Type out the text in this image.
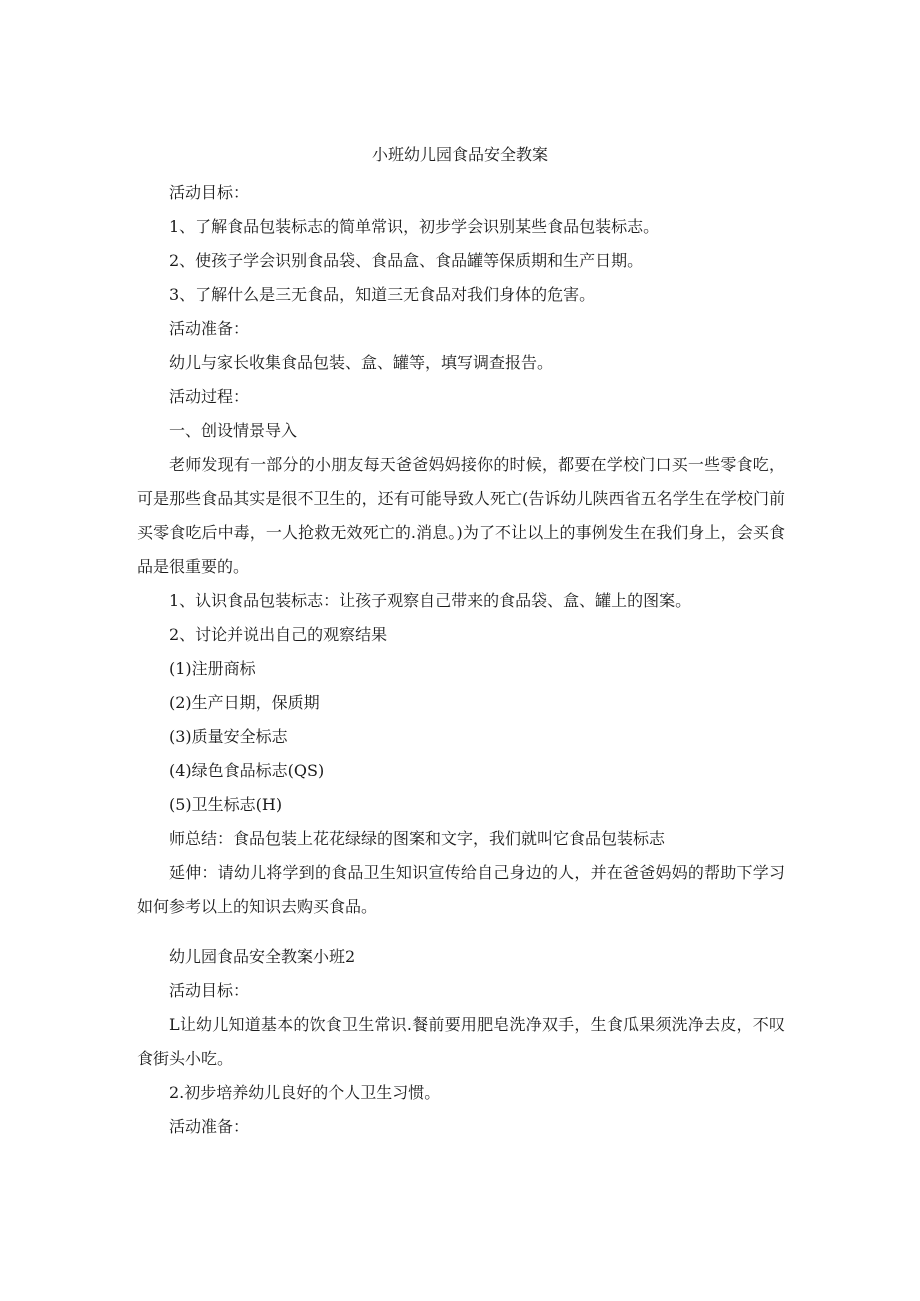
小班幼儿园食品安全教案

活动目标：

1、了解食品包装标志的简单常识，初步学会识别某些食品包装标志。

2、使孩子学会识别食品袋、食品盒、食品罐等保质期和生产日期。

3、了解什么是三无食品，知道三无食品对我们身体的危害。

活动准备：

幼儿与家长收集食品包装、盒、罐等，填写调查报告。

活动过程：

一、创设情景导入

老师发现有一部分的小朋友每天爸爸妈妈接你的时候，都要在学校门口买一些零食吃，可是那些食品其实是很不卫生的，还有可能导致人死亡(告诉幼儿陕西省五名学生在学校门前买零食吃后中毒，一人抢救无效死亡的.消息。)为了不让以上的事例发生在我们身上，会买食品是很重要的。

1、认识食品包装标志：让孩子观察自己带来的食品袋、盒、罐上的图案。

2、讨论并说出自己的观察结果

(1)注册商标

(2)生产日期，保质期

(3)质量安全标志

(4)绿色食品标志(QS)

(5)卫生标志(H)

师总结：食品包装上花花绿绿的图案和文字，我们就叫它食品包装标志

延伸：请幼儿将学到的食品卫生知识宣传给自己身边的人，并在爸爸妈妈的帮助下学习如何参考以上的知识去购买食品。

幼儿园食品安全教案小班2

活动目标：

L让幼儿知道基本的饮食卫生常识.餐前要用肥皂洗净双手，生食瓜果须洗净去皮，不叹食街头小吃。

2.初步培养幼儿良好的个人卫生习惯。

活动准备：
